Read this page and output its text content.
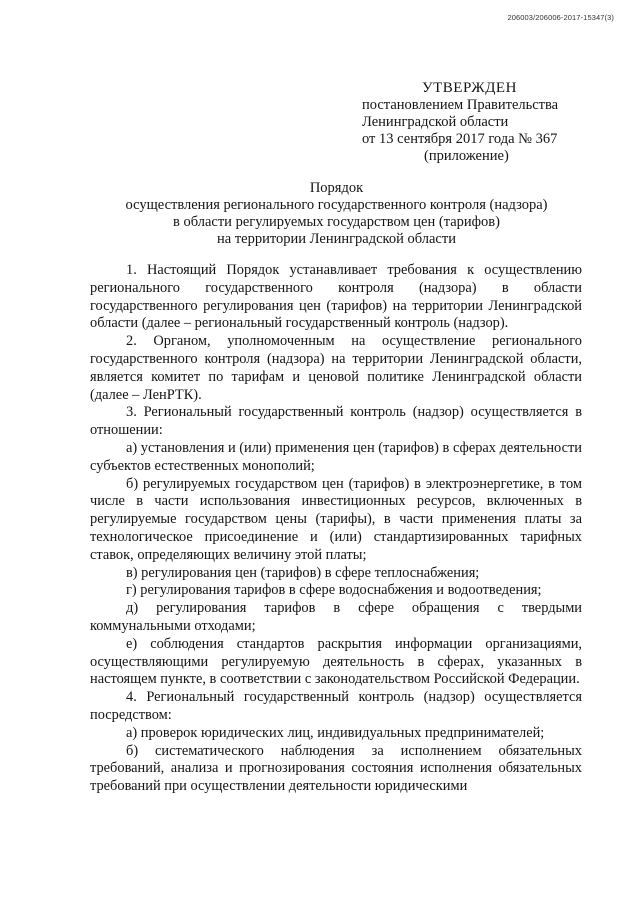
206003/206006-2017-15347(3)
УТВЕРЖДЕН
постановлением Правительства
Ленинградской области
от 13 сентября 2017 года № 367
(приложение)
Порядок
осуществления регионального государственного контроля (надзора)
в области регулируемых государством цен (тарифов)
на территории Ленинградской области

1. Настоящий Порядок устанавливает требования к осуществлению регионального государственного контроля (надзора) в области государственного регулирования цен (тарифов) на территории Ленинградской области (далее – региональный государственный контроль (надзор).

2. Органом, уполномоченным на осуществление регионального государственного контроля (надзора) на территории Ленинградской области, является комитет по тарифам и ценовой политике Ленинградской области (далее – ЛенРТК).

3. Региональный государственный контроль (надзор) осуществляется в отношении:

а) установления и (или) применения цен (тарифов) в сферах деятельности субъектов естественных монополий;

б) регулируемых государством цен (тарифов) в электроэнергетике, в том числе в части использования инвестиционных ресурсов, включенных в регулируемые государством цены (тарифы), в части применения платы за технологическое присоединение и (или) стандартизированных тарифных ставок, определяющих величину этой платы;

в) регулирования цен (тарифов) в сфере теплоснабжения;

г) регулирования тарифов в сфере водоснабжения и водоотведения;

д) регулирования тарифов в сфере обращения с твердыми коммунальными отходами;

е) соблюдения стандартов раскрытия информации организациями, осуществляющими регулируемую деятельность в сферах, указанных в настоящем пункте, в соответствии с законодательством Российской Федерации.

4. Региональный государственный контроль (надзор) осуществляется посредством:

а) проверок юридических лиц, индивидуальных предпринимателей;

б) систематического наблюдения за исполнением обязательных требований, анализа и прогнозирования состояния исполнения обязательных требований при осуществлении деятельности юридическими
